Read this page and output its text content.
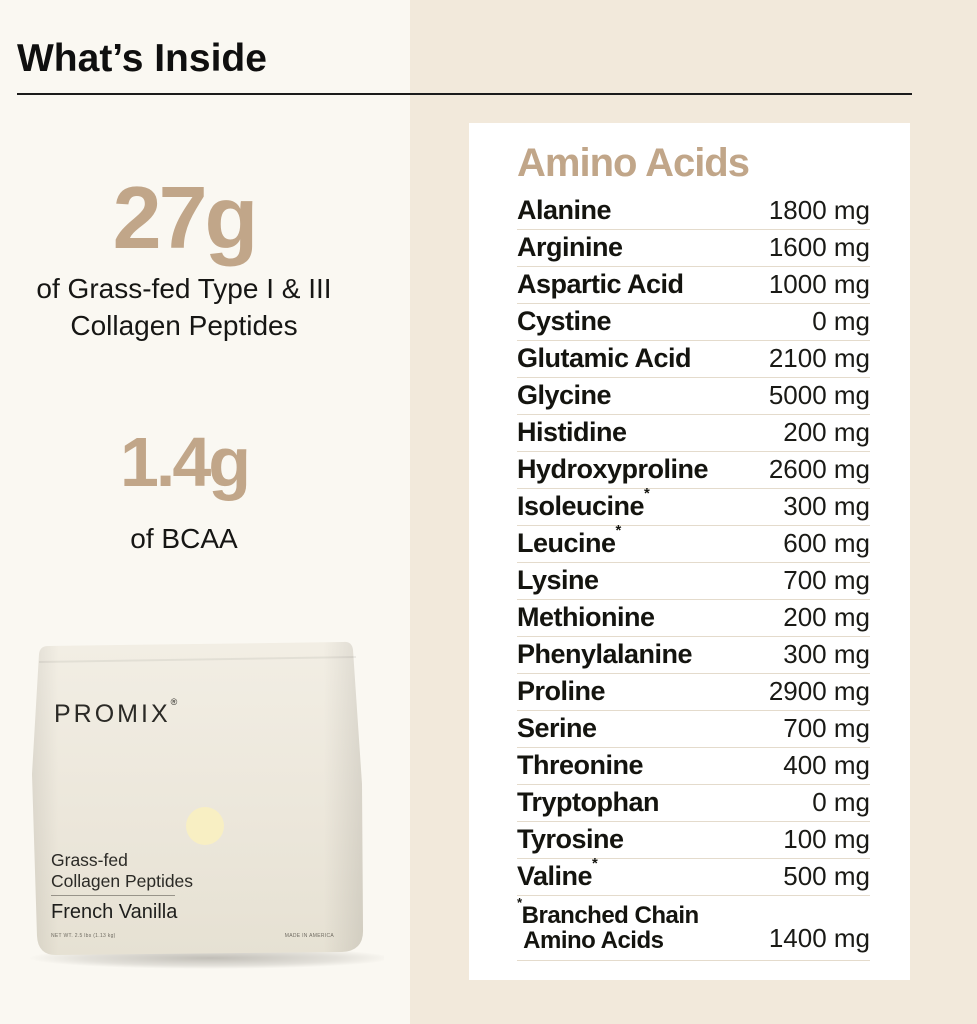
What’s Inside
27g
of Grass-fed Type I & III
Collagen Peptides
1.4g
of BCAA
PROMIX®
Grass-fed
Collagen Peptides
French Vanilla
NET WT. 2.5 lbs (1.13 kg)	MADE IN AMERICA
Amino Acids
Alanine	1800 mg
Arginine	1600 mg
Aspartic Acid	1000 mg
Cystine	0 mg
Glutamic Acid	2100 mg
Glycine	5000 mg
Histidine	200 mg
Hydroxyproline 2600 mg
Isoleucine*	300 mg
Leucine*	600 mg
Lysine	700 mg
Methionine	200 mg
Phenylalanine	300 mg
Proline	2900 mg
Serine	700 mg
Threonine	400 mg
Tryptophan	0 mg
Tyrosine	100 mg
Valine*	500 mg
*Branched Chain
Amino Acids	1400 mg
